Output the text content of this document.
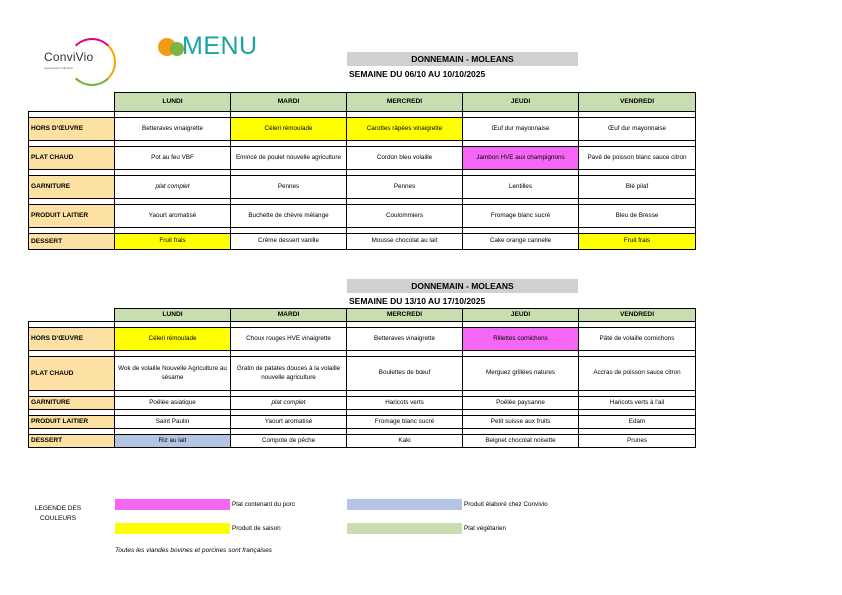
ConviVio
restauration collective
MENU	DONNEMAIN - MOLEANS
SEMAINE DU 06/10 AU 10/10/2025
	LUNDI	MARDI	MERCREDI	JEUDI	VENDREDI

HORS D'ŒUVRE	Betteraves vinaigrette	Céleri rémoulade	Carottes râpées vinaigrette	Œuf dur mayonnaise	Œuf dur mayonnaise

PLAT CHAUD	Pot au feu VBF	Emincé de poulet nouvelle agriculture	Cordon bleu volaille	Jambon HVE aux champignons	Pavé de poisson blanc sauce citron

GARNITURE	plat complet	Pennes	Pennes	Lentilles	Blé pilaf

PRODUIT LAITIER	Yaourt aromatisé	Buchette de chèvre mélange	Coulommiers	Fromage blanc sucré	Bleu de Bresse

DESSERT	Fruit frais	Crème dessert vanille	Mousse chocolat au lait	Cake orange cannelle	Fruit frais
DONNEMAIN - MOLEANS
SEMAINE DU 13/10 AU 17/10/2025
	LUNDI	MARDI	MERCREDI	JEUDI	VENDREDI

HORS D'ŒUVRE	Céleri rémoulade	Choux rouges HVE vinaigrette	Betteraves vinaigrette	Rillettes cornichons	Pâté de volaille cornichons

PLAT CHAUD	Wok de volaille Nouvelle Agriculture au sésame	Gratin de patates douces à la volaille nouvelle agriculture	Boulettes de bœuf	Merguez grillées natures	Accras de poisson sauce citron

GARNITURE	Poêlée asiatique	plat complet	Haricots verts	Poêlée paysanne	Haricots verts à l'ail

PRODUIT LAITIER	Saint Paulin	Yaourt aromatisé	Fromage blanc sucré	Petit suisse aux fruits	Edam

DESSERT	Riz au lait	Compote de pêche	Kaki	Beignet chocolat noisette	Prunes
LEGENDE DES COULEURS
Plat contenant du porc	Produit élaboré chez Convivio
Produit de saison	Plat végétarien
Toutes les viandes bovines et porcines sont françaises
